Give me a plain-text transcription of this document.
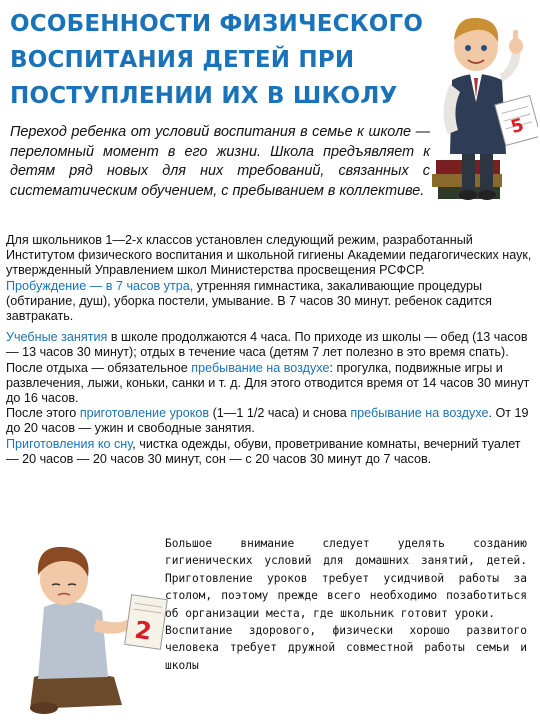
ОСОБЕННОСТИ ФИЗИЧЕСКОГО ВОСПИТАНИЯ ДЕТЕЙ ПРИ ПОСТУПЛЕНИИ ИХ В ШКОЛУ
Переход ребенка от условий воспитания в семье к школе — переломный момент в его жизни. Школа предъявляет к детям ряд новых для них требований, связанных с систематическим обучением, с пребыванием в коллективе.
5

Для школьников 1—2-х классов установлен следующий режим, разработанный Институтом физического воспитания и школьной гигиены Академии педагогических наук, утвержденный Управлением школ Министерства просвещения РСФСР.

Пробуждение — в 7 часов утра, утренняя гимнастика, закаливающие процедуры (обтирание, душ), уборка постели, умывание. В 7 часов 30 минут. ребенок садится завтракать.

Учебные занятия в школе продолжаются 4 часа. По приходе из школы — обед (13 часов — 13 часов 30 минут); отдых в течение часа (детям 7 лет полезно в это время спать).

После отдыха — обязательное пребывание на воздухе: прогулка, подвижные игры и развлечения, лыжи, коньки, санки и т. д. Для этого отводится время от 14 часов 30 минут до 16 часов.

После этого приготовление уроков (1—1 1/2 часа) и снова пребывание на воздухе. От 19 до 20 часов — ужин и свободные занятия.

Приготовления ко сну, чистка одежды, обуви, проветривание комнаты, вечерний туалет — 20 часов — 20 часов 30 минут, сон — с 20 часов 30 минут до 7 часов.

2

Большое внимание следует уделять созданию гигиенических условий для домашних занятий, детей. Приготовление уроков требует усидчивой работы за столом, поэтому прежде всего необходимо позаботиться об организации места, где школьник готовит уроки.

Воспитание здорового, физически хорошо развитого человека требует дружной совместной работы семьи и школы
